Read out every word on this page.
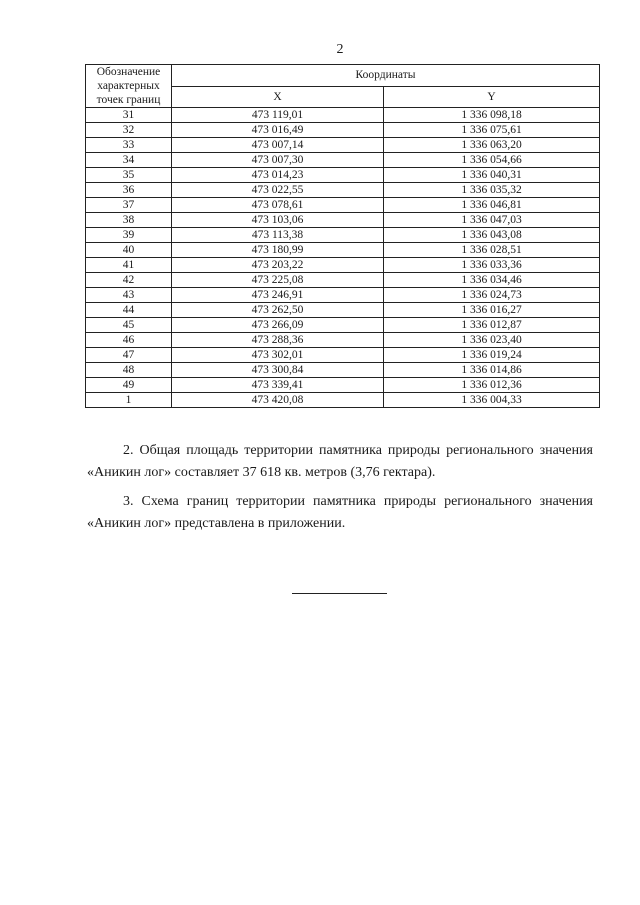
2
Обозначение характерных точек границ	Координаты	
	X	Y
31	473 119,01	1 336 098,18
32	473 016,49	1 336 075,61
33	473 007,14	1 336 063,20
34	473 007,30	1 336 054,66
35	473 014,23	1 336 040,31
36	473 022,55	1 336 035,32
37	473 078,61	1 336 046,81
38	473 103,06	1 336 047,03
39	473 113,38	1 336 043,08
40	473 180,99	1 336 028,51
41	473 203,22	1 336 033,36
42	473 225,08	1 336 034,46
43	473 246,91	1 336 024,73
44	473 262,50	1 336 016,27
45	473 266,09	1 336 012,87
46	473 288,36	1 336 023,40
47	473 302,01	1 336 019,24
48	473 300,84	1 336 014,86
49	473 339,41	1 336 012,36
1	473 420,08	1 336 004,33

2. Общая площадь территории памятника природы регионального значения «Аникин лог» составляет 37 618 кв. метров (3,76 гектара).

3. Схема границ территории памятника природы регионального значения «Аникин лог» представлена в приложении.
